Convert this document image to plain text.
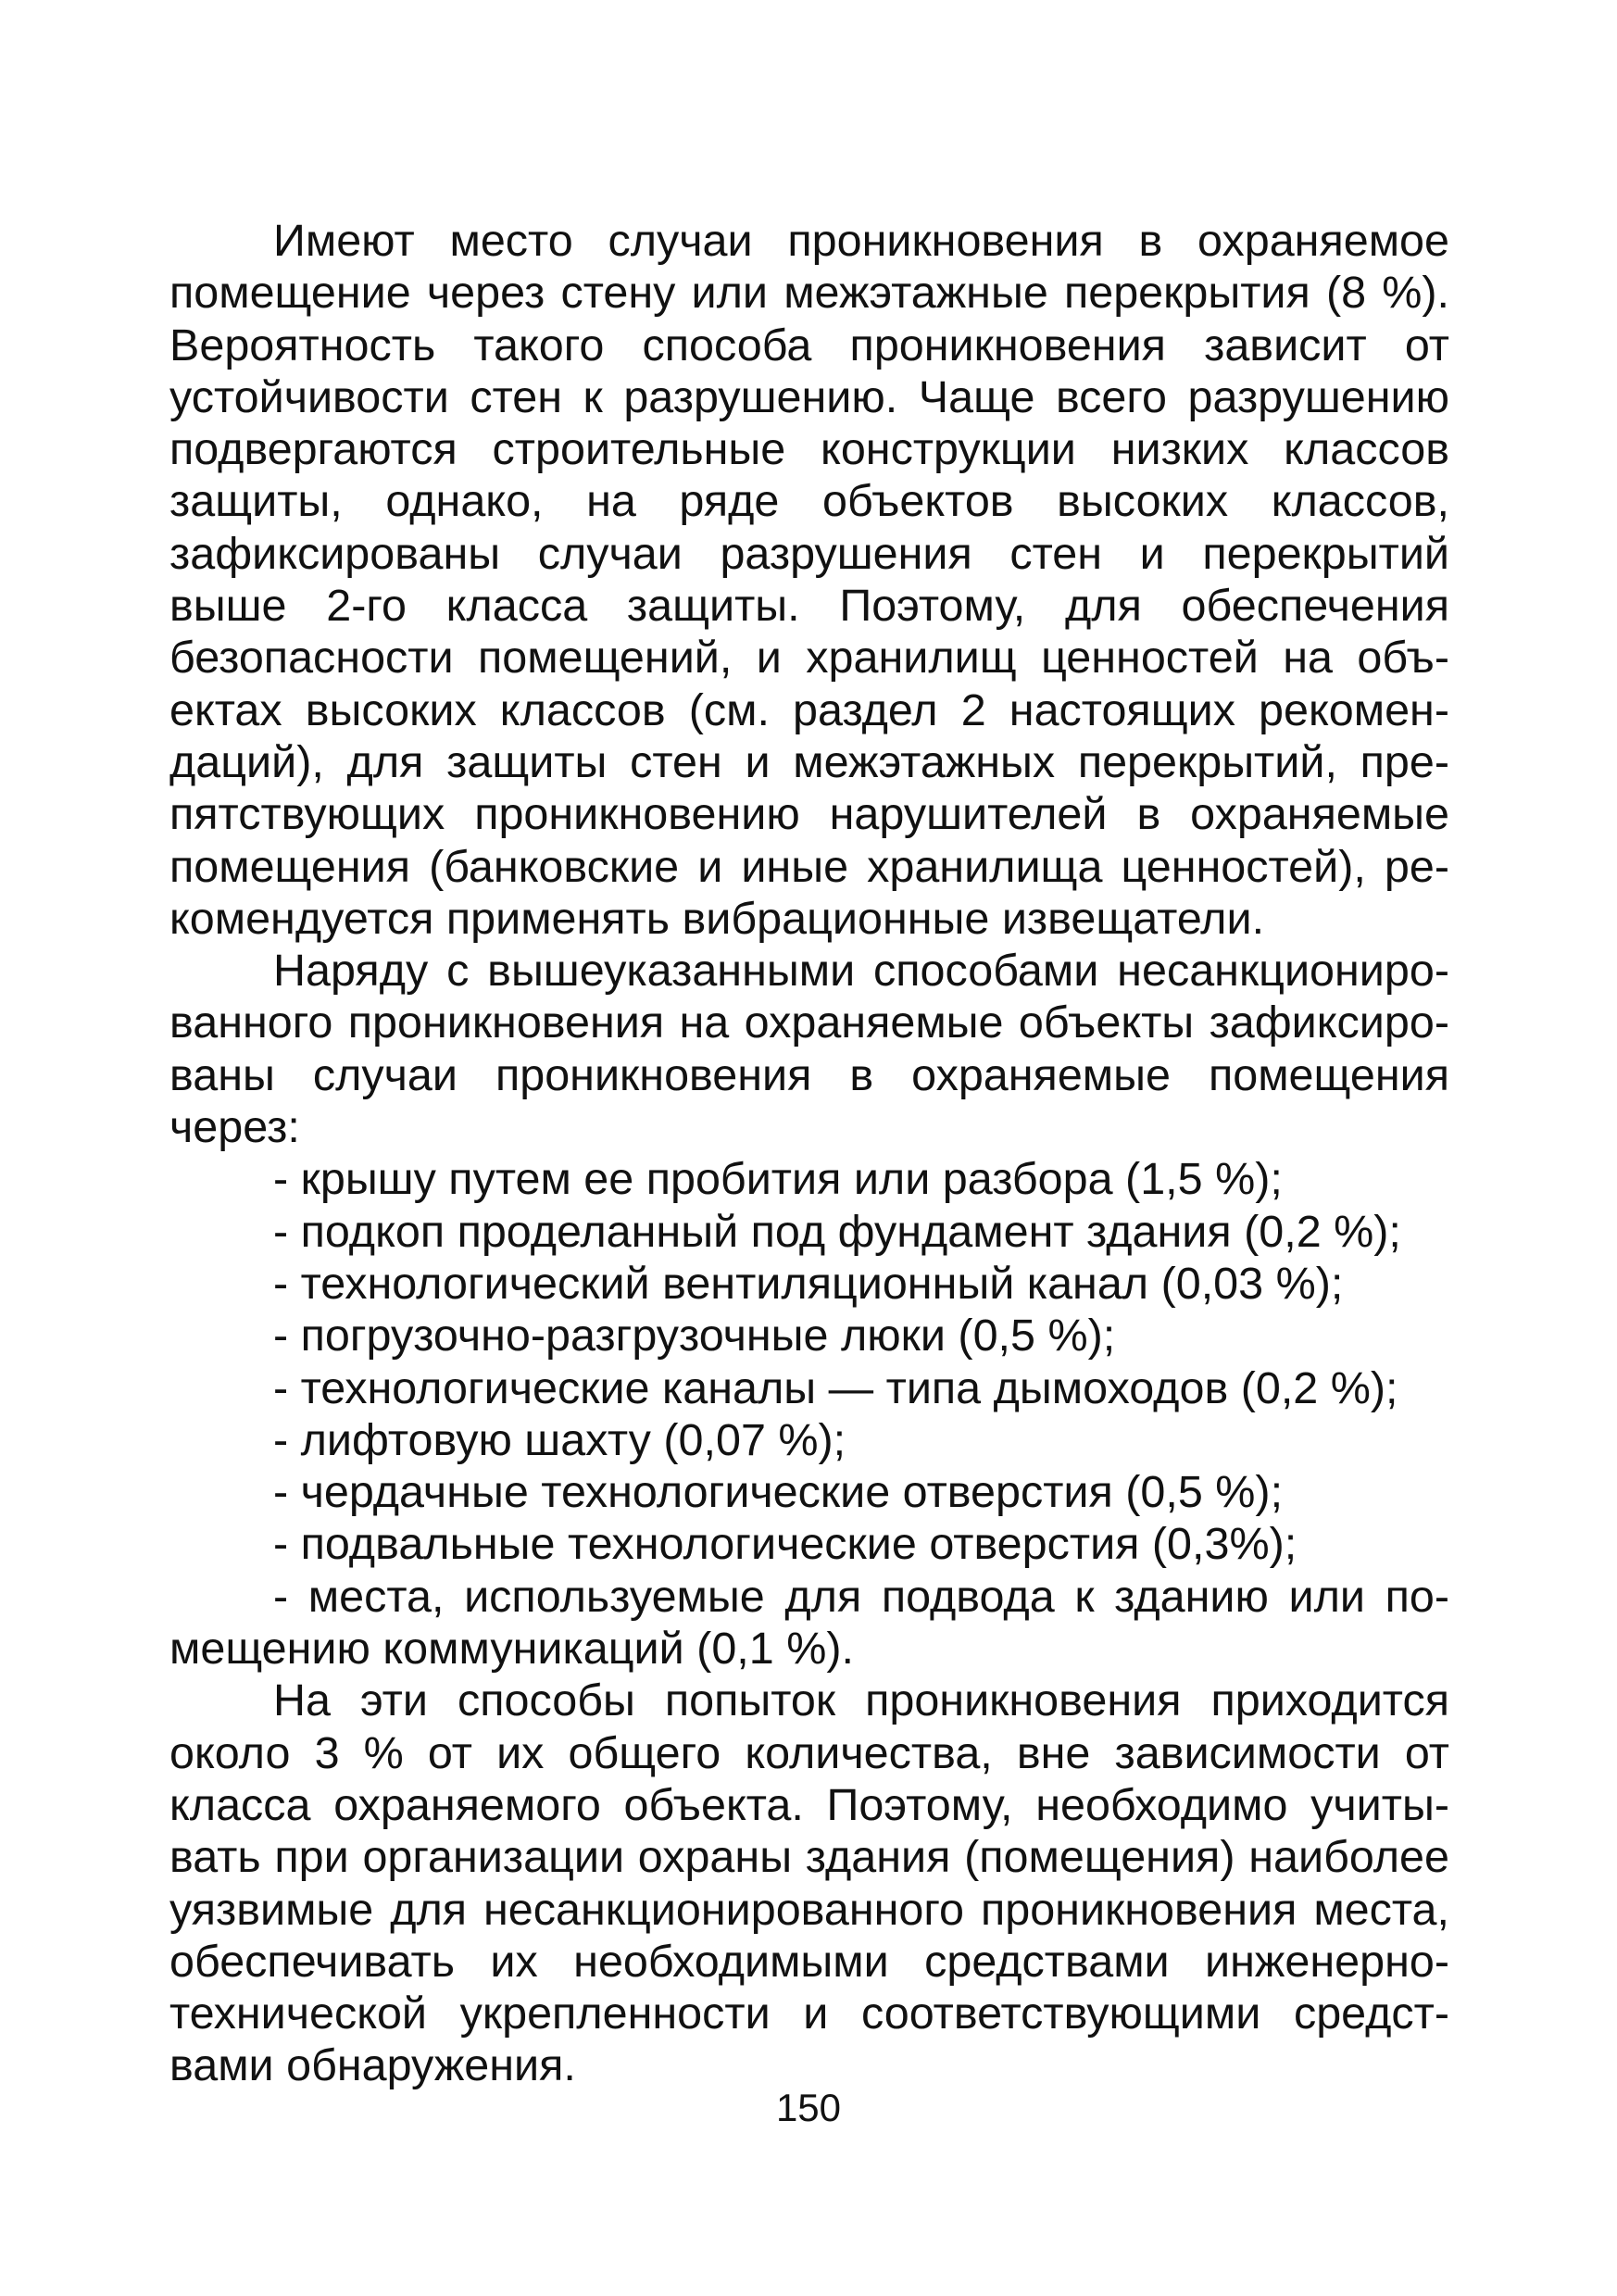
Имеют место случаи проникновения в охраняемое помещение через стену или межэтажные перекрытия (8 %). Вероятность такого способа проникновения зависит от устойчивости стен к разрушению. Чаще всего разрушению подвергаются строительные конструкции низких классов защиты, однако, на ряде объектов высоких классов, зафиксированы случаи разрушения стен и перекрытий выше 2-го класса защиты. Поэтому, для обеспечения безопасности помещений, и хранилищ ценностей на объектах высоких классов (см. раздел 2 настоящих рекомендаций), для защиты стен и межэтажных перекрытий, препятствующих проникновению нарушителей в охраняемые помещения (банковские и иные хранилища ценностей), рекомендуется применять вибрационные извещатели.

Наряду с вышеуказанными способами несанкционированного проникновения на охраняемые объекты зафиксированы случаи проникновения в охраняемые помещения через:

- крышу путем ее пробития или разбора (1,5 %);

- подкоп проделанный под фундамент здания (0,2 %);

- технологический вентиляционный канал (0,03 %);

- погрузочно-разгрузочные люки (0,5 %);

- технологические каналы — типа дымоходов (0,2 %);

- лифтовую шахту (0,07 %);

- чердачные технологические отверстия (0,5 %);

- подвальные технологические отверстия (0,3%);

- места, используемые для подвода к зданию или помещению коммуникаций (0,1 %).

На эти способы попыток проникновения приходится около 3 % от их общего количества, вне зависимости от класса охраняемого объекта. Поэтому, необходимо учитывать при организации охраны здания (помещения) наиболее уязвимые для несанкционированного проникновения места, обеспечивать их необходимыми средствами инженерно-технической укрепленности и соответствующими средствами обнаружения.

150
